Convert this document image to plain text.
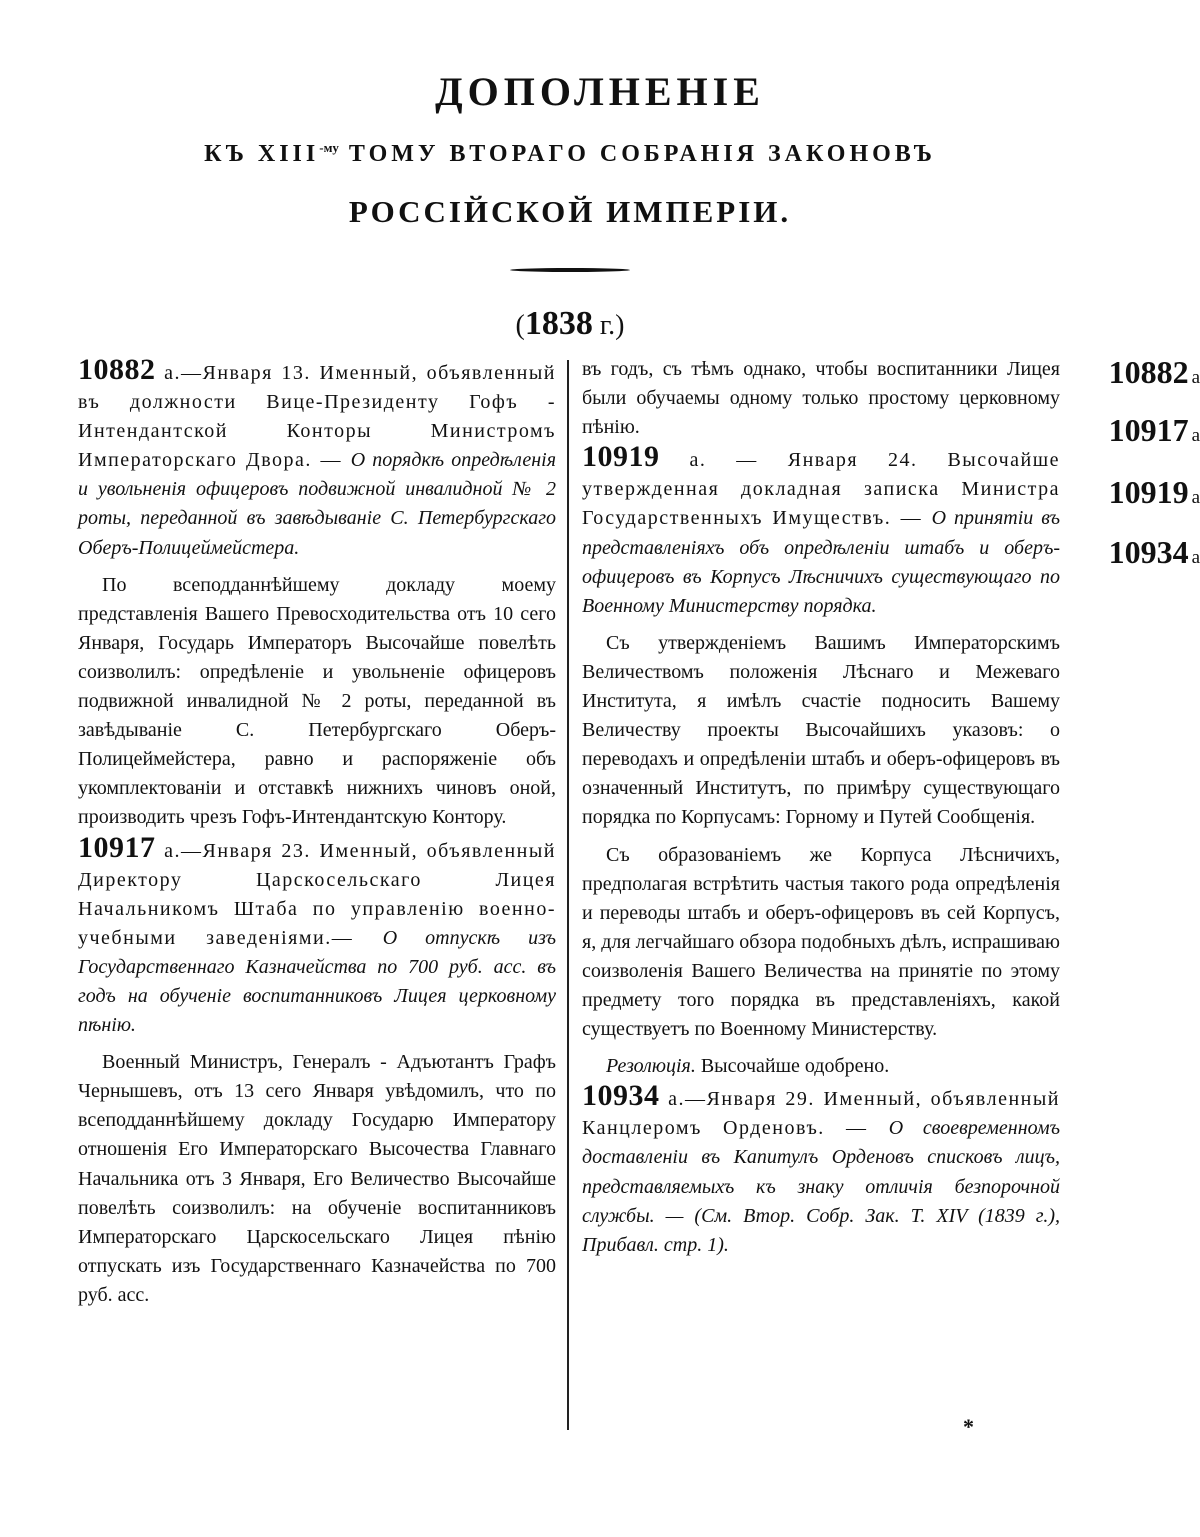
ДОПОЛНЕНІЕ
КЪ $XIII^{-му}$ ТОМУ ВТОРАГО СОБРАНІЯ ЗАКОНОВЪ
РОССІЙСКОЙ ИМПЕРІИ.
(1838 г.)

10882 а.—Января 13. Именный, объявленный въ должности Вице-Президенту Гофъ - Интендантской Конторы Министромъ Императорскаго Двора. — О порядкѣ опредѣленія и увольненія офицеровъ подвижной инвалидной № 2 роты, переданной въ завѣдываніе С. Петербургскаго Оберъ-Полицеймейстера.

По всеподданнѣйшему докладу моему представленія Вашего Превосходительства отъ 10 сего Января, Государь Императоръ Высочайше повелѣть соизволилъ: опредѣленіе и увольненіе офицеровъ подвижной инвалидной № 2 роты, переданной въ завѣдываніе С. Петербургскаго Оберъ-Полицеймейстера, равно и распоряженіе объ укомплектованіи и отставкѣ нижнихъ чиновъ оной, производить чрезъ Гофъ-Интендантскую Контору.

10917 а.—Января 23. Именный, объявленный Директору Царскосельскаго Лицея Начальникомъ Штаба по управленію военно-учебными заведеніями.— О отпускѣ изъ Государственнаго Казначейства по 700 руб. асс. въ годъ на обученіе воспитанниковъ Лицея церковному пѣнію.

Военный Министръ, Генералъ - Адъютантъ Графъ Чернышевъ, отъ 13 сего Января увѣдомилъ, что по всеподданнѣйшему докладу Государю Императору отношенія Его Императорскаго Высочества Главнаго Начальника отъ 3 Января, Его Величество Высочайше повелѣть соизволилъ: на обученіе воспитанниковъ Императорскаго Царскосельскаго Лицея пѣнію отпускать изъ Государственнаго Казначейства по 700 руб. асс.

въ годъ, съ тѣмъ однако, чтобы воспитанники Лицея были обучаемы одному только простому церковному пѣнію.

10919 а. — Января 24. Высочайше утвержденная докладная записка Министра Государственныхъ Имуществъ. — О принятіи въ представленіяхъ объ опредѣленіи штабъ и оберъ-офицеровъ въ Корпусъ Лѣсничихъ существующаго по Военному Министерству порядка.

Съ утвержденіемъ Вашимъ Императорскимъ Величествомъ положенія Лѣснаго и Межеваго Института, я имѣлъ счастіе подносить Вашему Величеству проекты Высочайшихъ указовъ: о переводахъ и опредѣленіи штабъ и оберъ-офицеровъ въ означенный Институтъ, по примѣру существующаго порядка по Корпусамъ: Горному и Путей Сообщенія.

Съ образованіемъ же Корпуса Лѣсничихъ, предполагая встрѣтить частыя такого рода опредѣленія и переводы штабъ и оберъ-офицеровъ въ сей Корпусъ, я, для легчайшаго обзора подобныхъ дѣлъ, испрашиваю соизволенія Вашего Величества на принятіе по этому предмету того порядка въ представленіяхъ, какой существуетъ по Военному Министерству.

Резолюція. Высочайше одобрено.

10934 а.—Января 29. Именный, объявленный Канцлеромъ Орденовъ. — О своевременномъ доставленіи въ Капитулъ Орденовъ списковъ лицъ, представляемыхъ къ знаку отличія безпорочной службы. — (См. Втор. Собр. Зак. Т. XIV (1839 г.), Прибавл. стр. 1).

10882 а
10917 а
10919 а
10934 а
*
